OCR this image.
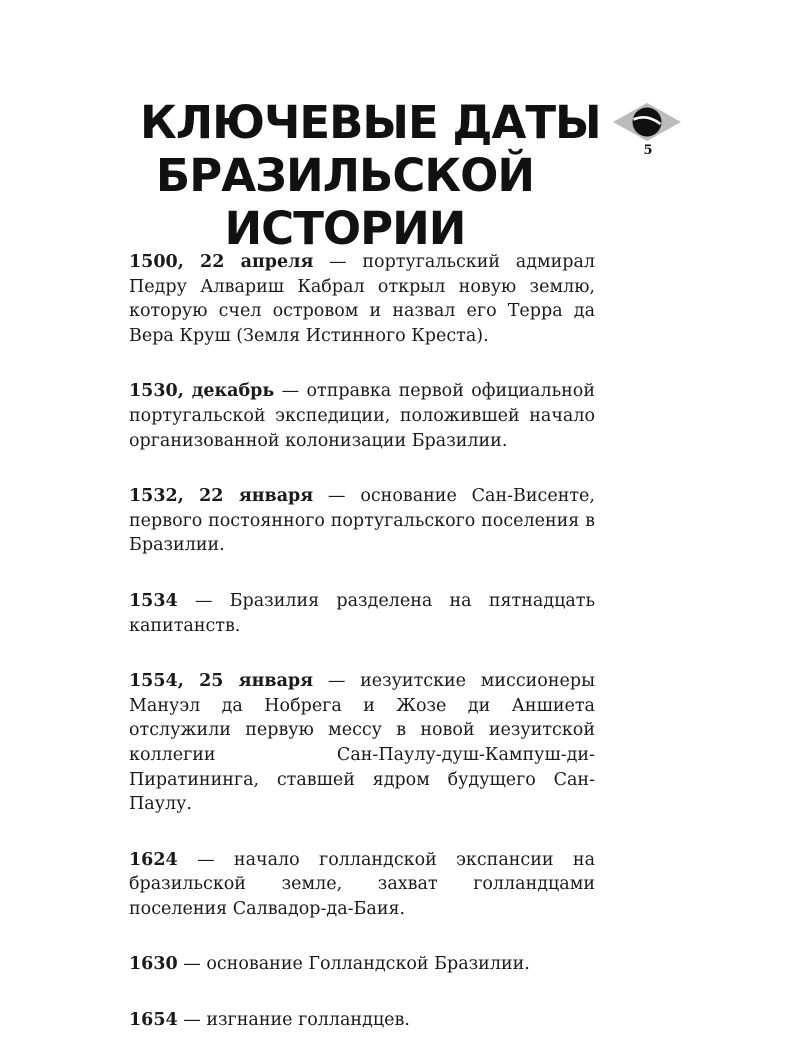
КЛЮЧЕВЫЕ ДАТЫ
БРАЗИЛЬСКОЙ
ИСТОРИИ
5

1500, 22 апреля — португальский адмирал Педру Алвариш Кабрал открыл новую землю, которую счел островом и назвал его Терра да Вера Круш (Земля Истинного Креста).

1530, декабрь — отправка первой официальной португальской экспедиции, положившей начало организованной колонизации Бразилии.

1532, 22 января — основание Сан-Висенте, первого постоянного португальского поселения в Бразилии.

1534 — Бразилия разделена на пятнадцать капитанств.

1554, 25 января — иезуитские миссионеры Мануэл да Нобрега и Жозе ди Аншиета отслужили первую мессу в новой иезуитской коллегии Сан-Паулу-душ-Кампуш-ди-Пиратининга, ставшей ядром будущего Сан-Паулу.

1624 — начало голландской экспансии на бразильской земле, захват голландцами поселения Салвадор-да-Баия.

1630 — основание Голландской Бразилии.

1654 — изгнание голландцев.
